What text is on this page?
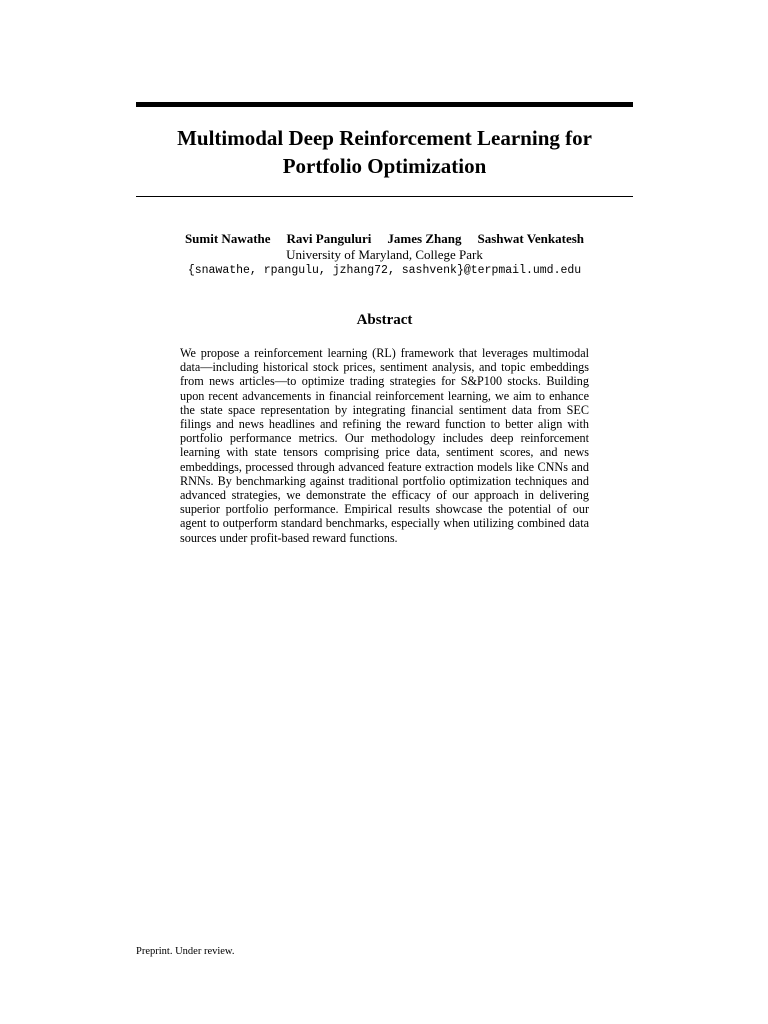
Multimodal Deep Reinforcement Learning for Portfolio Optimization
Sumit Nawathe Ravi Panguluri James Zhang Sashwat Venkatesh
University of Maryland, College Park
{snawathe, rpangulu, jzhang72, sashvenk}@terpmail.umd.edu
Abstract

We propose a reinforcement learning (RL) framework that leverages multimodal data—including historical stock prices, sentiment analysis, and topic embeddings from news articles—to optimize trading strategies for S&P100 stocks. Building upon recent advancements in financial reinforcement learning, we aim to enhance the state space representation by integrating financial sentiment data from SEC filings and news headlines and refining the reward function to better align with portfolio performance metrics. Our methodology includes deep reinforcement learning with state tensors comprising price data, sentiment scores, and news embeddings, processed through advanced feature extraction models like CNNs and RNNs. By benchmarking against traditional portfolio optimization techniques and advanced strategies, we demonstrate the efficacy of our approach in delivering superior portfolio performance. Empirical results showcase the potential of our agent to outperform standard benchmarks, especially when utilizing combined data sources under profit-based reward functions.

Preprint. Under review.
